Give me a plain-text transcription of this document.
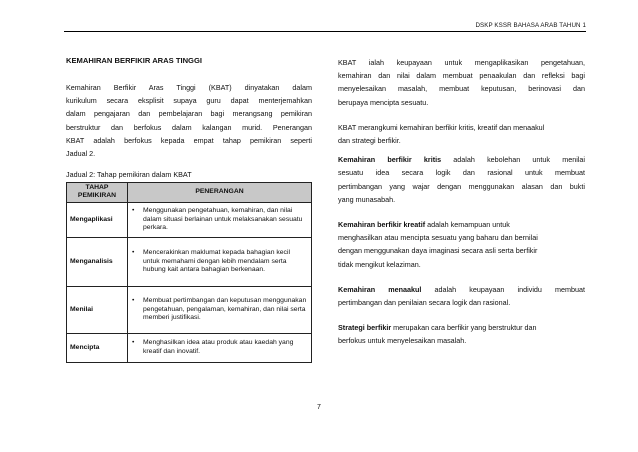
DSKP KSSR BAHASA ARAB TAHUN 1

KEMAHIRAN BERFIKIR ARAS TINGGI

Kemahiran Berfikir Aras Tinggi (KBAT) dinyatakan dalam

kurikulum secara eksplisit supaya guru dapat menterjemahkan

dalam pengajaran dan pembelajaran bagi merangsang pemikiran

berstruktur dan berfokus dalam kalangan murid. Penerangan

KBAT adalah berfokus kepada empat tahap pemikiran seperti

Jadual 2.

Jadual 2: Tahap pemikiran dalam KBAT

TAHAP
PEMIKIRAN	PENERANGAN
Mengaplikasi	• Menggunakan pengetahuan, kemahiran, dan nilai dalam situasi berlainan untuk melaksanakan sesuatu perkara.

Menganalisis	• Mencerakinkan maklumat kepada bahagian kecil untuk memahami dengan lebih mendalam serta hubung kait antara bahagian berkenaan.

Menilai	• Membuat pertimbangan dan keputusan menggunakan pengetahuan, pengalaman, kemahiran, dan nilai serta memberi justifikasi.

Mencipta	• Menghasilkan idea atau produk atau kaedah yang kreatif dan inovatif.

KBAT ialah keupayaan untuk mengaplikasikan pengetahuan,

kemahiran dan nilai dalam membuat penaakulan dan refleksi bagi

menyelesaikan masalah, membuat keputusan, berinovasi dan

berupaya mencipta sesuatu.

KBAT merangkumi kemahiran berfikir kritis, kreatif dan menaakul

dan strategi berfikir.

Kemahiran berfikir kritis adalah kebolehan untuk menilai

sesuatu idea secara logik dan rasional untuk membuat

pertimbangan yang wajar dengan menggunakan alasan dan bukti

yang munasabah.

Kemahiran berfikir kreatif adalah kemampuan untuk

menghasilkan atau mencipta sesuatu yang baharu dan bernilai

dengan menggunakan daya imaginasi secara asli serta berfikir

tidak mengikut kelaziman.

Kemahiran menaakul adalah keupayaan individu membuat

pertimbangan dan penilaian secara logik dan rasional.

Strategi berfikir merupakan cara berfikir yang berstruktur dan

berfokus untuk menyelesaikan masalah.

7
